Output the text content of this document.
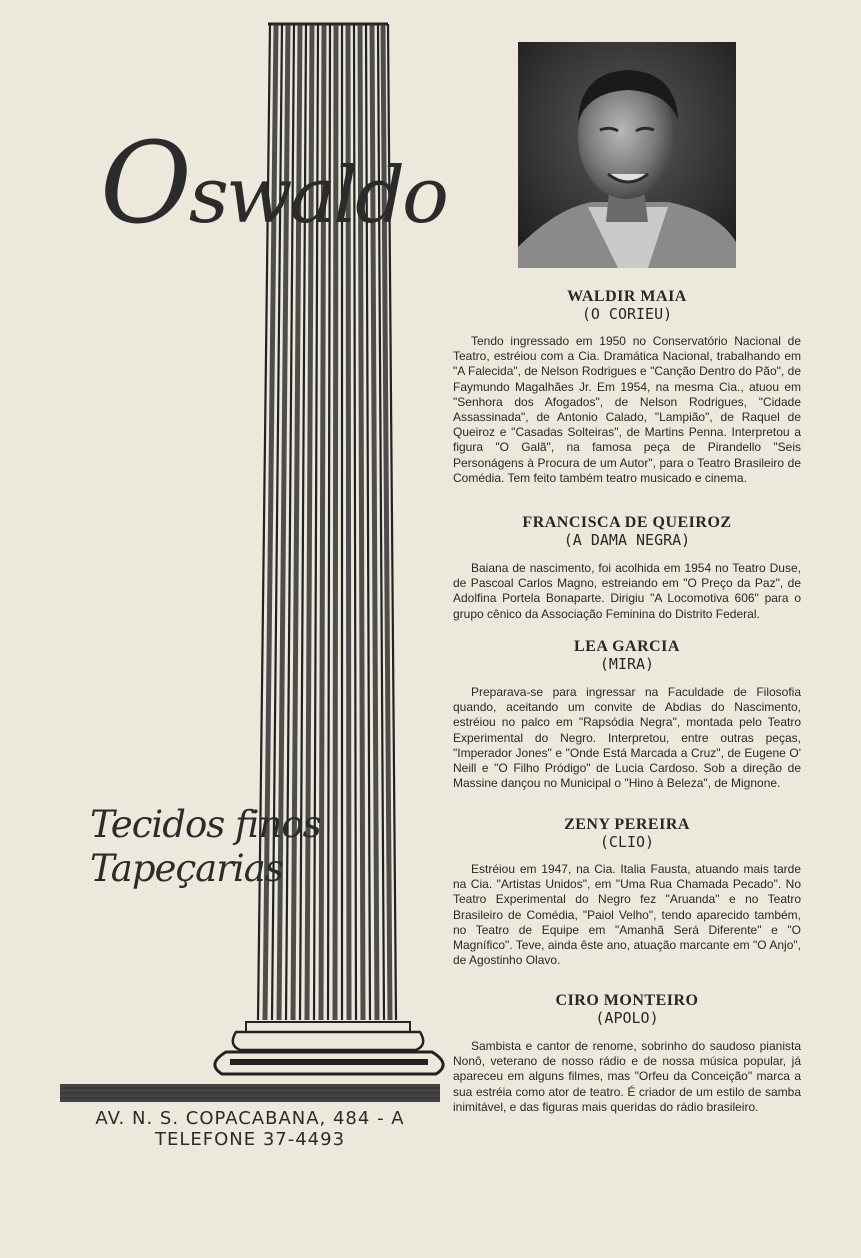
Oswaldo
Tecidos finos
Tapeçarias
AV. N. S. COPACABANA, 484 - A
TELEFONE 37-4493
WALDIR MAIA
(O CORIEU)
Tendo ingressado em 1950 no Conservatório Nacional de Teatro, estréiou com a Cia. Dramática Nacional, trabalhando em "A Falecida", de Nelson Rodrigues e "Canção Dentro do Pão", de Faymundo Magalhães Jr. Em 1954, na mesma Cia., atuou em "Senhora dos Afogados", de Nelson Rodrigues, "Cidade Assassinada", de Antonio Calado, "Lampião", de Raquel de Queiroz e "Casadas Solteiras", de Martins Penna. Interpretou a figura "O Galã", na famosa peça de Pirandello "Seis Personágens à Procura de um Autor", para o Teatro Brasileiro de Comédia. Tem feito também teatro musicado e cinema.
FRANCISCA DE QUEIROZ
(A DAMA NEGRA)
Baiana de nascimento, foi acolhida em 1954 no Teatro Duse, de Pascoal Carlos Magno, estreiando em "O Preço da Paz", de Adolfina Portela Bonaparte. Dirigiu "A Locomotiva 606" para o grupo cênico da Associação Feminina do Distrito Federal.
LEA GARCIA
(MIRA)
Preparava-se para ingressar na Faculdade de Filosofia quando, aceitando um convite de Abdias do Nascimento, estréiou no palco em "Rapsódia Negra", montada pelo Teatro Experimental do Negro. Interpretou, entre outras peças, "Imperador Jones" e "Onde Está Marcada a Cruz", de Eugene O' Neill e "O Filho Pródigo" de Lucia Cardoso. Sob a direção de Massine dançou no Municipal o "Hino à Beleza", de Mignone.
ZENY PEREIRA
(CLIO)
Estréiou em 1947, na Cia. Italia Fausta, atuando mais tarde na Cia. "Artistas Unidos", em "Uma Rua Chamada Pecado". No Teatro Experimental do Negro fez "Aruanda" e no Teatro Brasileiro de Comédia, "Paiol Velho", tendo aparecido também, no Teatro de Equipe em "Amanhã Será Diferente" e "O Magnífico". Teve, ainda êste ano, atuação marcante em "O Anjo", de Agostinho Olavo.
CIRO MONTEIRO
(APOLO)
Sambista e cantor de renome, sobrinho do saudoso pianista Nonô, veterano de nosso rádio e de nossa música popular, já apareceu em alguns filmes, mas "Orfeu da Conceição" marca a sua estréia como ator de teatro. É criador de um estilo de samba inimitável, e das figuras mais queridas do rádio brasileiro.
